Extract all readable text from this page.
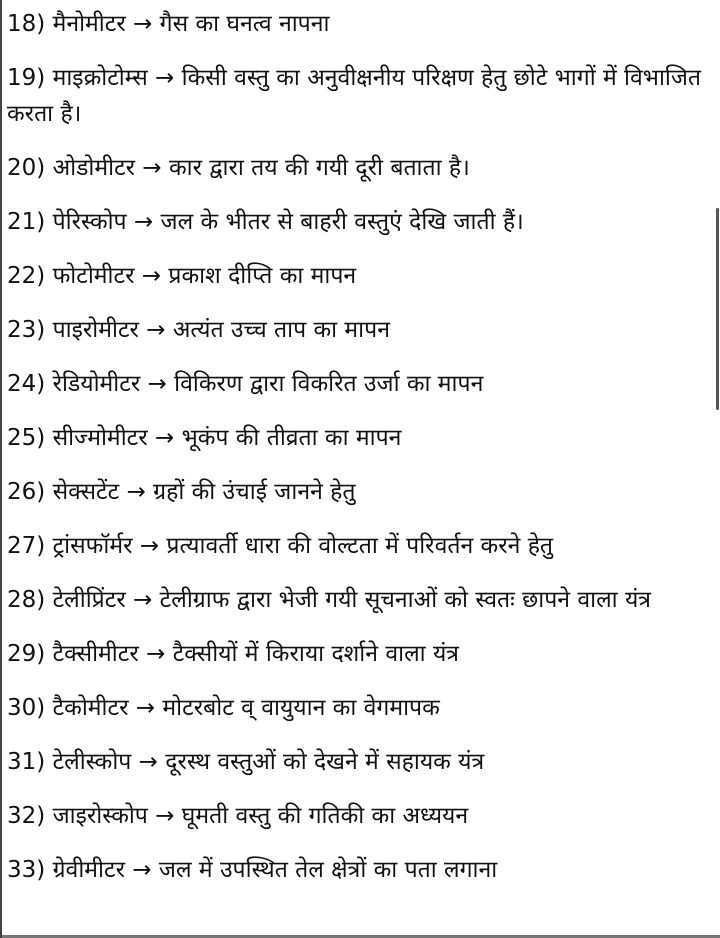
18) मैनोमीटर → गैस का घनत्व नापना
19) माइक्रोटोम्स → किसी वस्तु का अनुवीक्षनीय परिक्षण हेतु छोटे भागों में विभाजित करता है।
20) ओडोमीटर → कार द्वारा तय की गयी दूरी बताता है।
21) पेरिस्कोप → जल के भीतर से बाहरी वस्तुएं देखि जाती हैं।
22) फोटोमीटर → प्रकाश दीप्ति का मापन
23) पाइरोमीटर → अत्यंत उच्च ताप का मापन
24) रेडियोमीटर → विकिरण द्वारा विकरित उर्जा का मापन
25) सीज्मोमीटर → भूकंप की तीव्रता का मापन
26) सेक्सटेंट → ग्रहों की उंचाई जानने हेतु
27) ट्रांसफॉर्मर → प्रत्यावर्ती धारा की वोल्टता में परिवर्तन करने हेतु
28) टेलीप्रिंटर → टेलीग्राफ द्वारा भेजी गयी सूचनाओं को स्वतः छापने वाला यंत्र
29) टैक्सीमीटर → टैक्सीयों में किराया दर्शाने वाला यंत्र
30) टैकोमीटर → मोटरबोट व् वायुयान का वेगमापक
31) टेलीस्कोप → दूरस्थ वस्तुओं को देखने में सहायक यंत्र
32) जाइरोस्कोप → घूमती वस्तु की गतिकी का अध्ययन
33) ग्रेवीमीटर → जल में उपस्थित तेल क्षेत्रों का पता लगाना
